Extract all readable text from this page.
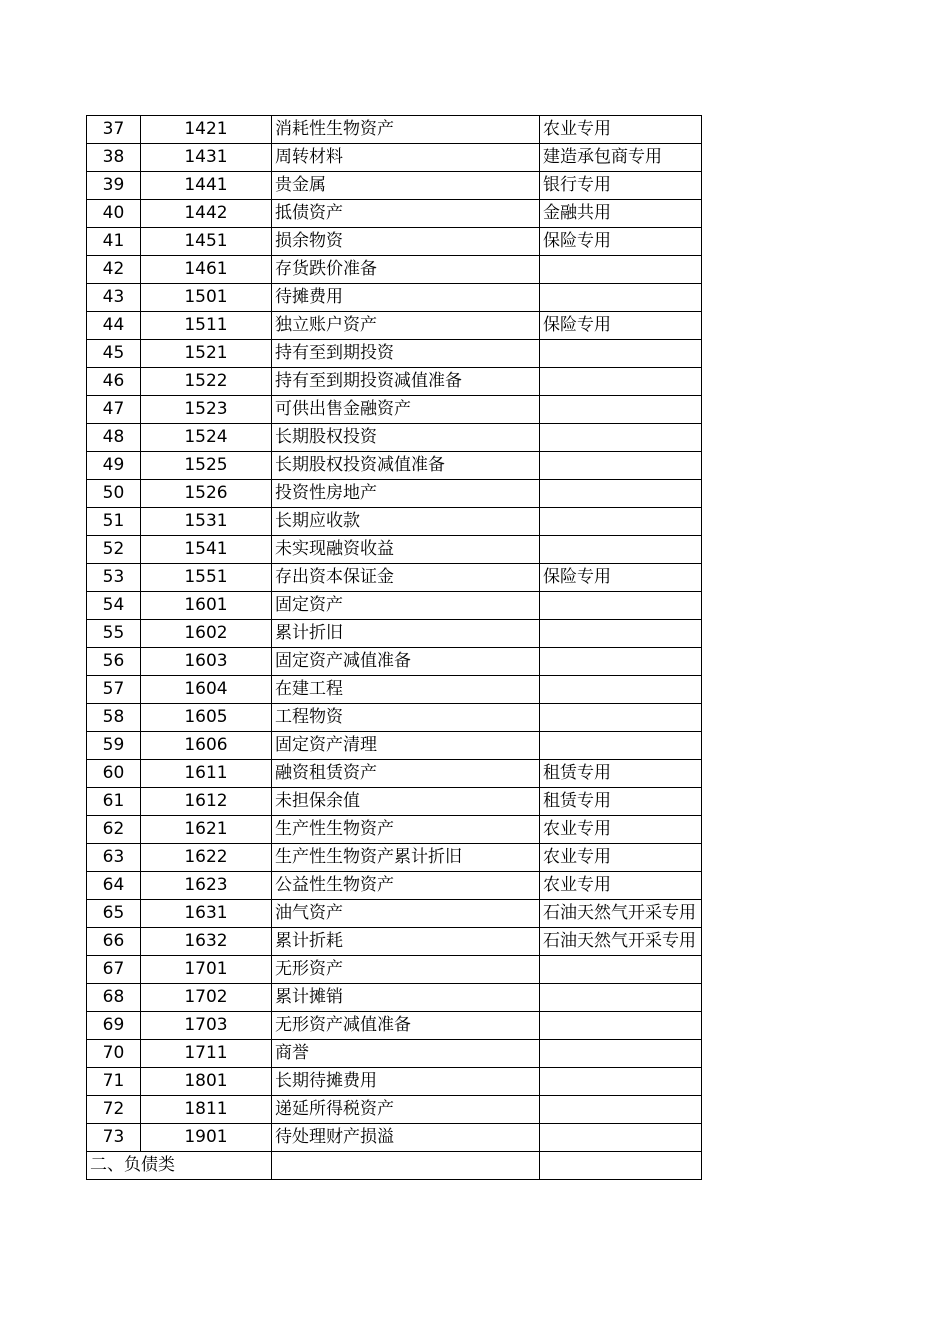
37	1421	消耗性生物资产	农业专用
38	1431	周转材料	建造承包商专用
39	1441	贵金属	银行专用
40	1442	抵债资产	金融共用
41	1451	损余物资	保险专用
42	1461	存货跌价准备	
43	1501	待摊费用	
44	1511	独立账户资产	保险专用
45	1521	持有至到期投资	
46	1522	持有至到期投资减值准备	
47	1523	可供出售金融资产	
48	1524	长期股权投资	
49	1525	长期股权投资减值准备	
50	1526	投资性房地产	
51	1531	长期应收款	
52	1541	未实现融资收益	
53	1551	存出资本保证金	保险专用
54	1601	固定资产	
55	1602	累计折旧	
56	1603	固定资产减值准备	
57	1604	在建工程	
58	1605	工程物资	
59	1606	固定资产清理	
60	1611	融资租赁资产	租赁专用
61	1612	未担保余值	租赁专用
62	1621	生产性生物资产	农业专用
63	1622	生产性生物资产累计折旧	农业专用
64	1623	公益性生物资产	农业专用
65	1631	油气资产	石油天然气开采专用
66	1632	累计折耗	石油天然气开采专用
67	1701	无形资产	
68	1702	累计摊销	
69	1703	无形资产减值准备	
70	1711	商誉	
71	1801	长期待摊费用	
72	1811	递延所得税资产	
73	1901	待处理财产损溢	
二、负债类			
